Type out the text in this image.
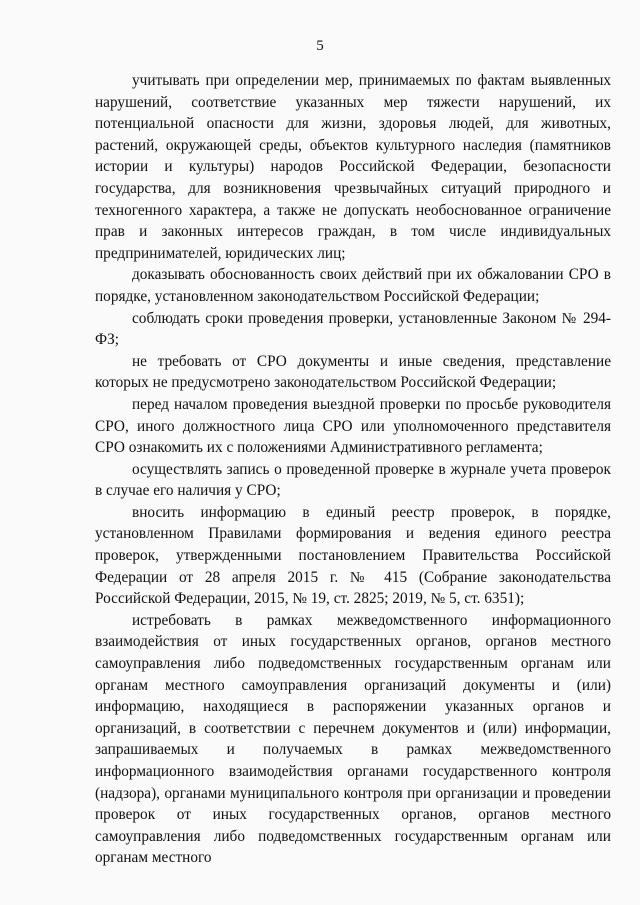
5

учитывать при определении мер, принимаемых по фактам выявленных нарушений, соответствие указанных мер тяжести нарушений, их потенциальной опасности для жизни, здоровья людей, для животных, растений, окружающей среды, объектов культурного наследия (памятников истории и культуры) народов Российской Федерации, безопасности государства, для возникновения чрезвычайных ситуаций природного и техногенного характера, а также не допускать необоснованное ограничение прав и законных интересов граждан, в том числе индивидуальных предпринимателей, юридических лиц;

доказывать обоснованность своих действий при их обжаловании СРО в порядке, установленном законодательством Российской Федерации;

соблюдать сроки проведения проверки, установленные Законом № 294-ФЗ;

не требовать от СРО документы и иные сведения, представление которых не предусмотрено законодательством Российской Федерации;

перед началом проведения выездной проверки по просьбе руководителя СРО, иного должностного лица СРО или уполномоченного представителя СРО ознакомить их с положениями Административного регламента;

осуществлять запись о проведенной проверке в журнале учета проверок в случае его наличия у СРО;

вносить информацию в единый реестр проверок, в порядке, установленном Правилами формирования и ведения единого реестра проверок, утвержденными постановлением Правительства Российской Федерации от 28 апреля 2015 г. № 415 (Собрание законодательства Российской Федерации, 2015, № 19, ст. 2825; 2019, № 5, ст. 6351);

истребовать в рамках межведомственного информационного взаимодействия от иных государственных органов, органов местного самоуправления либо подведомственных государственным органам или органам местного самоуправления организаций документы и (или) информацию, находящиеся в распоряжении указанных органов и организаций, в соответствии с перечнем документов и (или) информации, запрашиваемых и получаемых в рамках межведомственного информационного взаимодействия органами государственного контроля (надзора), органами муниципального контроля при организации и проведении проверок от иных государственных органов, органов местного самоуправления либо подведомственных государственным органам или органам местного
